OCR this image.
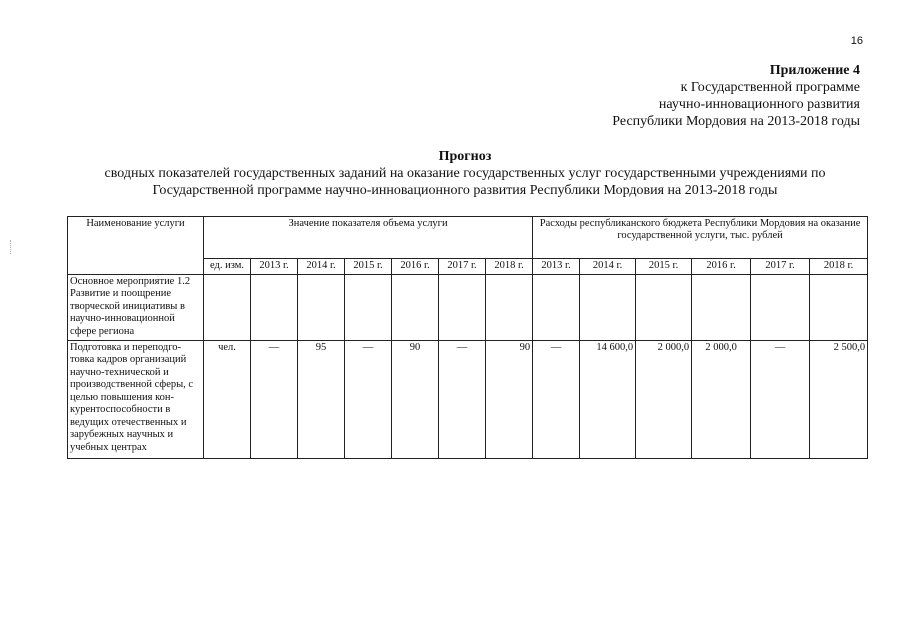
16
Приложение 4
к Государственной программе
научно-инновационного развития
Республики Мордовия на 2013-2018 годы
Прогноз
сводных показателей государственных заданий на оказание государственных услуг государственными учреждениями по
Государственной программе научно-инновационного развития Республики Мордовия на 2013-2018 годы
Наименование услуги	Значение показателя объема услуги							Расходы республиканского бюджета Республики Мордовия на оказание государственной услуги, тыс. рублей					
	ед. изм.	2013 г.	2014 г.	2015 г.	2016 г.	2017 г.	2018 г.	2013 г.	2014 г.	2015 г.	2016 г.	2017 г.	2018 г.
Основное мероприятие 1.2 Развитие и поощрение творческой инициативы в научно-инновационной сфере региона													
Подготовка и переподго-товка кадров организаций научно-технической и производственной сферы, с целью повышения кон-курентоспособности в ведущих отечественных и зарубежных научных и учебных центрах	чел.	—	95	—	90	—	90	—	14 600,0	2 000,0	2 000,0	—	2 500,0
